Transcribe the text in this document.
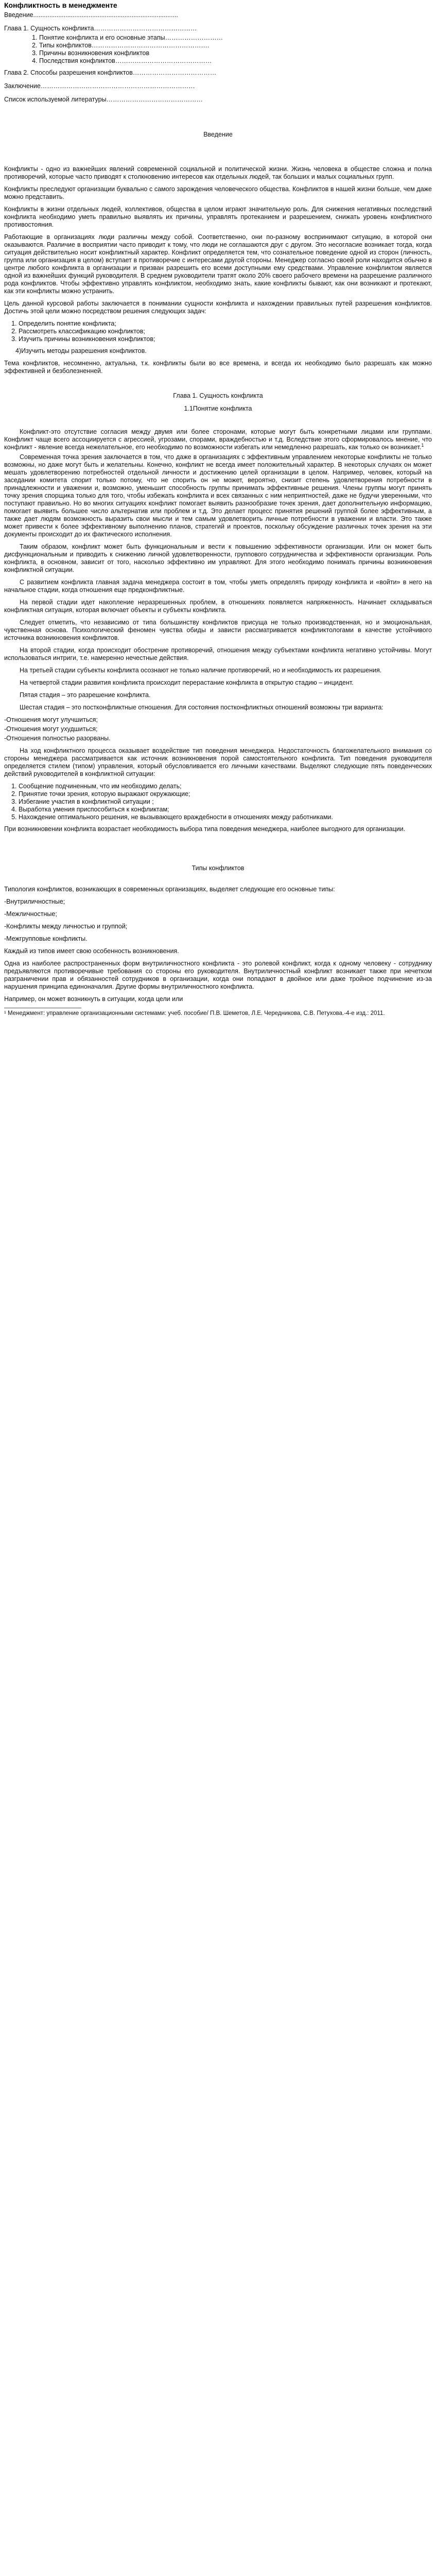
Конфликтность в менеджменте
Введение.................................................................................
Глава 1. Сущность конфликта…………………………………………
1. Понятие конфликта и его основные этапы………………………
2. Типы конфликтов……………………………………………….
3. Причины возникновения конфликтов
4. Последствия конфликтов………………………………………
Глава 2. Способы разрешения конфликтов…………………………………
Заключение………………………………………………………………
Список используемой литературы………………………………………
Введение

Конфликты - одно из важнейших явлений современной социальной и политической жизни. Жизнь человека в обществе сложна и полна противоречий, которые часто приводят к столкновению интересов как отдельных людей, так больших и малых социальных групп.

Конфликты преследуют организации буквально с самого зарождения человеческого общества. Конфликтов в нашей жизни больше, чем даже можно представить.

Конфликты в жизни отдельных людей, коллективов, общества в целом играют значительную роль. Для снижения негативных последствий конфликта необходимо уметь правильно выявлять их причины, управлять протеканием и разрешением, снижать уровень конфликтного противостояния.

Работающие в организациях люди различны между собой. Соответственно, они по-разному воспринимают ситуацию, в которой они оказываются. Различие в восприятии часто приводит к тому, что люди не соглашаются друг с другом. Это несогласие возникает тогда, когда ситуация действительно носит конфликтный характер. Конфликт определяется тем, что сознательное поведение одной из сторон (личность, группа или организация в целом) вступает в противоречие с интересами другой стороны. Менеджер согласно своей роли находится обычно в центре любого конфликта в организации и призван разрешить его всеми доступными ему средствами. Управление конфликтом является одной из важнейших функций руководителя. В среднем руководители тратят около 20% своего рабочего времени на разрешение различного рода конфликтов. Чтобы эффективно управлять конфликтом, необходимо знать, какие конфликты бывают, как они возникают и протекают, как эти конфликты можно устранить.

Цель данной курсовой работы заключается в понимании сущности конфликта и нахождении правильных путей разрешения конфликтов. Достичь этой цели можно посредством решения следующих задач:

1. Определить понятие конфликта;
2. Рассмотреть классификацию конфликтов;
3. Изучить причины возникновения конфликтов;

4)Изучить методы разрешения конфликтов.

Тема конфликтов, несомненно, актуальна, т.к. конфликты были во все времена, и всегда их необходимо было разрешать как можно эффективней и безболезненней.

Глава 1. Сущность конфликта
1.1Понятие конфликта

Конфликт-это отсутствие согласия между двумя или более сторонами, которые могут быть конкретными лицами или группами. Конфликт чаще всего ассоциируется с агрессией, угрозами, спорами, враждебностью и т.д. Вследствие этого сформировалось мнение, что конфликт - явление всегда нежелательное, его необходимо по возможности избегать или немедленно разрешать, как только он возникает.$^1$

Современная точка зрения заключается в том, что даже в организациях с эффективным управлением некоторые конфликты не только возможны, но даже могут быть и желательны. Конечно, конфликт не всегда имеет положительный характер. В некоторых случаях он может мешать удовлетворению потребностей отдельной личности и достижению целей организации в целом. Например, человек, который на заседании комитета спорит только потому, что не спорить он не может, вероятно, снизит степень удовлетворения потребности в принадлежности и уважении и, возможно, уменьшит способность группы принимать эффективные решения. Члены группы могут принять точку зрения спорщика только для того, чтобы избежать конфликта и всех связанных с ним неприятностей, даже не будучи уверенными, что поступают правильно. Но во многих ситуациях конфликт помогает выявить разнообразие точек зрения, дает дополнительную информацию, помогает выявить большее число альтернатив или проблем и т.д. Это делает процесс принятия решений группой более эффективным, а также дает людям возможность выразить свои мысли и тем самым удовлетворить личные потребности в уважении и власти. Это также может привести к более эффективному выполнению планов, стратегий и проектов, поскольку обсуждение различных точек зрения на эти документы происходит до их фактического исполнения.

Таким образом, конфликт может быть функциональным и вести к повышению эффективности организации. Или он может быть дисфункциональным и приводить к снижению личной удовлетворенности, группового сотрудничества и эффективности организации. Роль конфликта, в основном, зависит от того, насколько эффективно им управляют. Для этого необходимо понимать причины возникновения конфликтной ситуации.

С развитием конфликта главная задача менеджера состоит в том, чтобы уметь определять природу конфликта и «войти» в него на начальное стадии, когда отношения еще предконфликтные.

На первой стадии идет накопление неразрешенных проблем, в отношениях появляется напряженность. Начинает складываться конфликтная ситуация, которая включает объекты и субъекты конфликта.

Следует отметить, что независимо от типа большинству конфликтов присуща не только производственная, но и эмоциональная, чувственная основа. Психологический феномен чувства обиды и зависти рассматривается конфликтологами в качестве устойчивого источника возникновения конфликтов.

На второй стадии, когда происходит обострение противоречий, отношения между субъектами конфликта негативно устойчивы. Могут использоваться интриги, т.е. намеренно нечестные действия.

На третьей стадии субъекты конфликта осознают не только наличие противоречий, но и необходимость их разрешения.

На четвертой стадии развития конфликта происходит перерастание конфликта в открытую стадию – инцидент.

Пятая стадия – это разрешение конфликта.

Шестая стадия – это постконфликтные отношения. Для состояния постконфликтных отношений возможны три варианта:

-Отношения могут улучшиться;
-Отношения могут ухудшиться;
-Отношения полностью разорваны.

На ход конфликтного процесса оказывает воздействие тип поведения менеджера. Недостаточность благожелательного внимания со стороны менеджера рассматривается как источник возникновения порой самостоятельного конфликта. Тип поведения руководителя определяется стилем (типом) управления, который обусловливается его личными качествами. Выделяют следующие пять поведенческих действий руководителей в конфликтной ситуации:

1. Сообщение подчиненным, что им необходимо делать;
2. Принятие точки зрения, которую выражают окружающие;
3. Избегание участия в конфликтной ситуации ;
4. Выработка умения приспособиться к конфликтам;
5. Нахождение оптимального решения, не вызывающего враждебности в отношениях между работниками.

При возникновении конфликта возрастает необходимость выбора типа поведения менеджера, наиболее выгодного для организации.

Типы конфликтов

Типология конфликтов, возникающих в современных организациях, выделяет следующие его основные типы:

-Внутриличностные;
-Межличностные;
-Конфликты между личностью и группой;
-Межгрупповые конфликты.

Каждый из типов имеет свою особенность возникновения.

Одна из наиболее распространенных форм внутриличностного конфликта - это ролевой конфликт, когда к одному человеку - сотруднику предъявляются противоречивые требования со стороны его руководителя. Внутриличностный конфликт возникает также при нечетком разграничении прав и обязанностей сотрудников в организации, когда они попадают в двойное или даже тройное подчинение из-за нарушения принципа единоначалия. Другие формы внутриличностного конфликта.

Например, он может возникнуть в ситуации, когда цели или

¹ Менеджмент: управление организационными системами: учеб. пособие/ П.В. Шеметов, Л.Е. Чередникова, С.В. Петухова.-4-е изд.: 2011.
